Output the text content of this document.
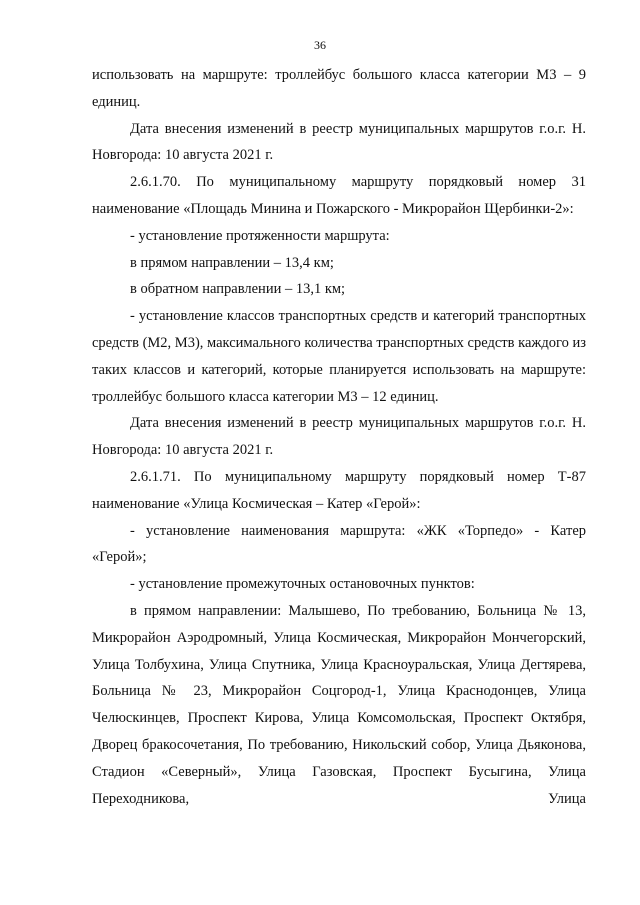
36

использовать на маршруте: троллейбус большого класса категории М3 – 9 единиц.

Дата внесения изменений в реестр муниципальных маршрутов г.о.г. Н. Новгорода: 10 августа 2021 г.

2.6.1.70. По муниципальному маршруту порядковый номер 31 наименование «Площадь Минина и Пожарского - Микрорайон Щербинки-2»:

- установление протяженности маршрута:

в прямом направлении – 13,4 км;

в обратном направлении – 13,1 км;

- установление классов транспортных средств и категорий транспортных средств (М2, М3), максимального количества транспортных средств каждого из таких классов и категорий, которые планируется использовать на маршруте: троллейбус большого класса категории М3 – 12 единиц.

Дата внесения изменений в реестр муниципальных маршрутов г.о.г. Н. Новгорода: 10 августа 2021 г.

2.6.1.71. По муниципальному маршруту порядковый номер Т-87 наименование «Улица Космическая – Катер «Герой»:

- установление наименования маршрута: «ЖК «Торпедо» - Катер «Герой»;

- установление промежуточных остановочных пунктов:

в прямом направлении: Малышево, По требованию, Больница № 13, Микрорайон Аэродромный, Улица Космическая, Микрорайон Мончегорский, Улица Толбухина, Улица Спутника, Улица Красноуральская, Улица Дегтярева, Больница № 23, Микрорайон Соцгород-1, Улица Краснодонцев, Улица Челюскинцев, Проспект Кирова, Улица Комсомольская, Проспект Октября, Дворец бракосочетания, По требованию, Никольский собор, Улица Дьяконова, Стадион «Северный», Улица Газовская, Проспект Бусыгина, Улица Переходникова, Улица
